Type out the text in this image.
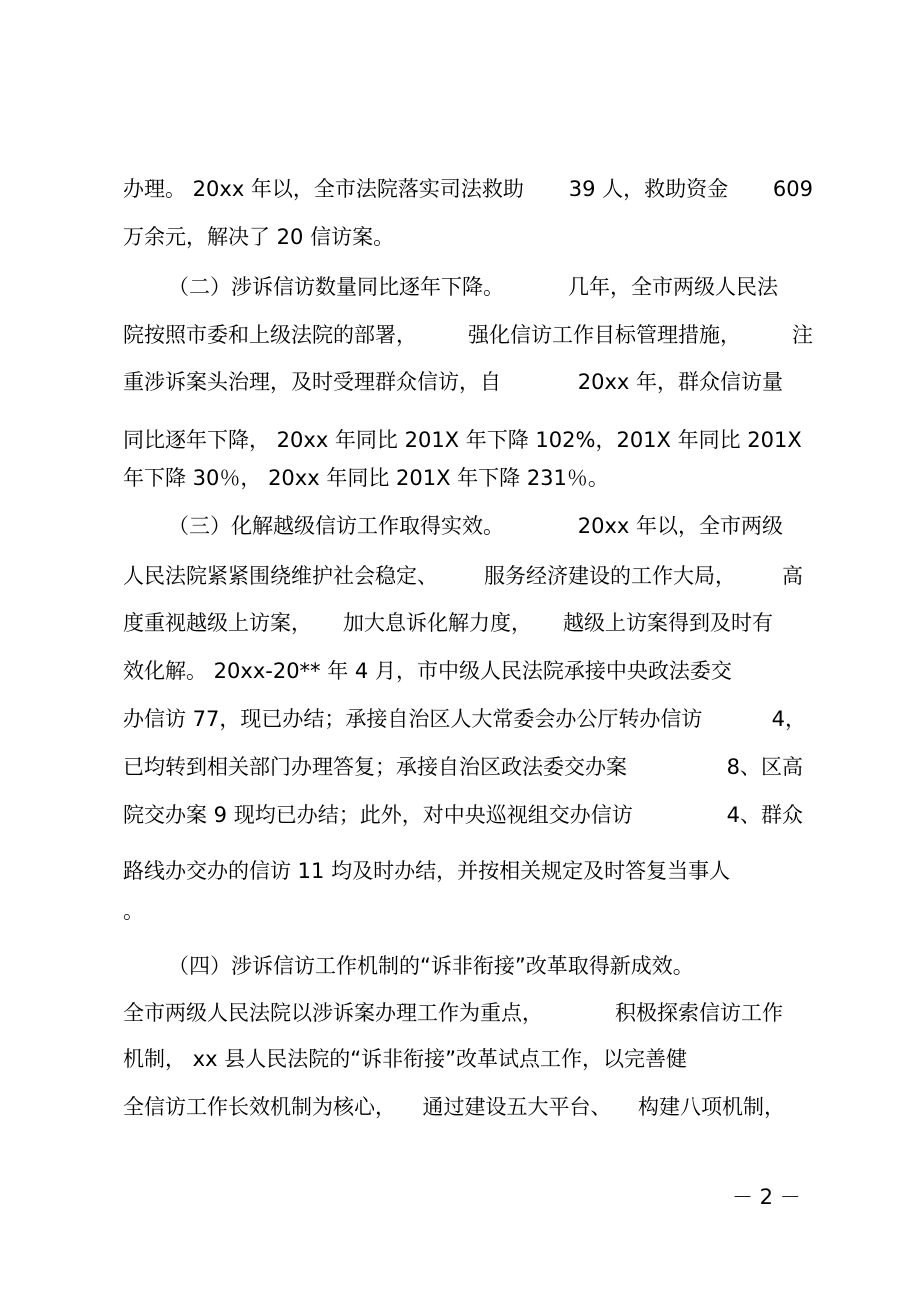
办理。 20xx 年以，全市法院落实司法救助 39 人，救助资金 609
万余元，解决了 20 信访案。
（二）涉诉信访数量同比逐年下降。	几年，全市两级人民法
院按照市委和上级法院的部署， 强化信访工作目标管理措施， 注
重涉诉案头治理，及时受理群众信访，自	20xx 年，群众信访量
同比逐年下降， 20xx 年同比 201X 年下降 102%，201X 年同比 201X
年下降 30％， 20xx 年同比 201X 年下降 231％。
（三）化解越级信访工作取得实效。	20xx 年以，全市两级
人民法院紧紧围绕维护社会稳定、 服务经济建设的工作大局， 高
度重视越级上访案， 加大息诉化解力度， 越级上访案得到及时有
效化解。 20xx-20** 年 4 月，市中级人民法院承接中央政法委交
办信访 77，现已办结；承接自治区人大常委会办公厅转办信访	4，
已均转到相关部门办理答复；承接自治区政法委交办案	8、区高
院交办案 9 现均已办结；此外，对中央巡视组交办信访	4、群众
路线办交办的信访 11 均及时办结，并按相关规定及时答复当事人
。
（四）涉诉信访工作机制的“诉非衔接”改革取得新成效。
全市两级人民法院以涉诉案办理工作为重点，	积极探索信访工作
机制， xx 县人民法院的“诉非衔接”改革试点工作，以完善健
全信访工作长效机制为核心， 通过建设五大平台、 构建八项机制，
－ 2 －
